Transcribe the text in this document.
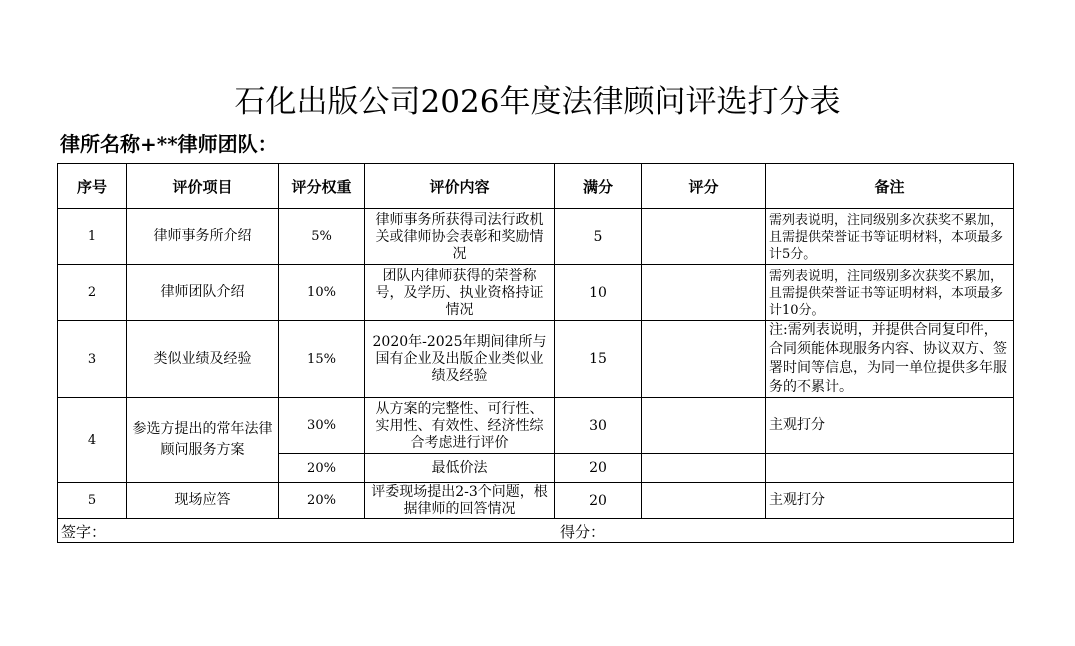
石化出版公司2026年度法律顾问评选打分表
律所名称+**律师团队：
序号	评价项目	评分权重	评价内容	满分	评分	备注
1	律师事务所介绍	5%	律师事务所获得司法行政机关或律师协会表彰和奖励情况	5		需列表说明，注同级别多次获奖不累加，且需提供荣誉证书等证明材料，本项最多计5分。

2	律师团队介绍	10%	团队内律师获得的荣誉称号，及学历、执业资格持证情况	10		需列表说明，注同级别多次获奖不累加，且需提供荣誉证书等证明材料，本项最多计10分。

3	类似业绩及经验	15%	2020年-2025年期间律所与国有企业及出版企业类似业绩及经验	15		注:需列表说明，并提供合同复印件，合同须能体现服务内容、协议双方、签署时间等信息，为同一单位提供多年服务的不累计。
4	参选方提出的常年法律顾问服务方案	30%	从方案的完整性、可行性、实用性、有效性、经济性综合考虑进行评价	30		主观打分
		20%	最低价法	20		
5	现场应答	20%	评委现场提出2-3个问题，根据律师的回答情况	20		主观打分

签字： 得分：						
